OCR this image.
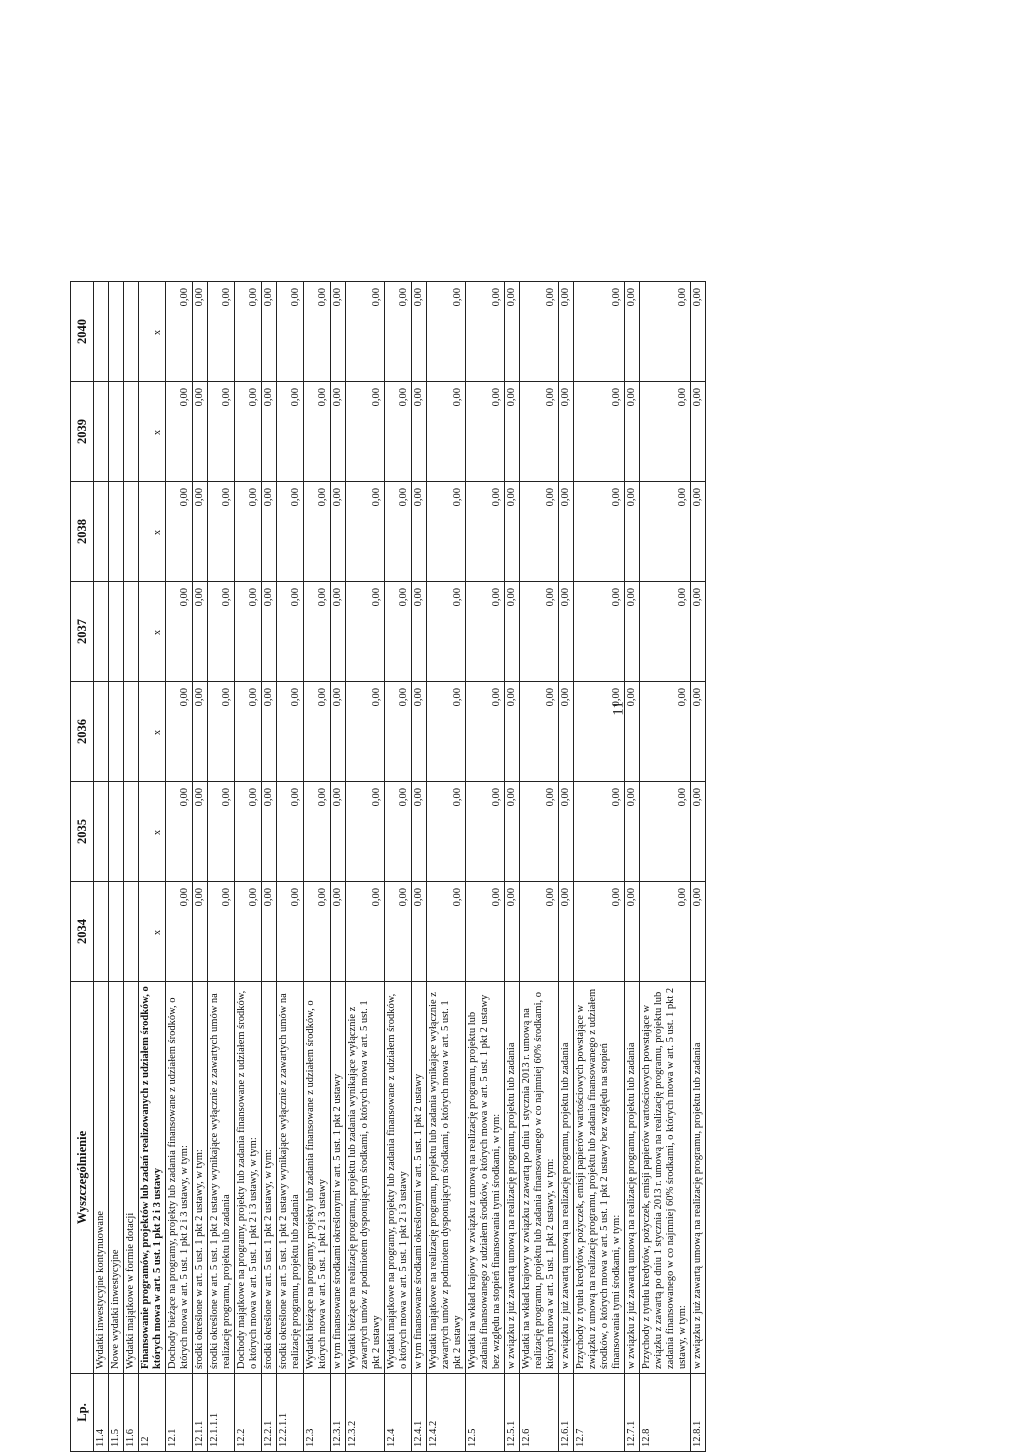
11
Lp.	Wyszczególnienie	2034	2035	2036	2037	2038	2039	2040
11.4	Wydatki inwestycyjne kontynuowane							
11.5	Nowe wydatki inwestycyjne							
11.6	Wydatki majątkowe w formie dotacji							
12	Finansowanie programów, projektów lub zadań realizowanych z udziałem środków, o których mowa w art. 5 ust. 1 pkt 2 i 3 ustawy	x	x	x	x	x	x	x
12.1	Dochody bieżące na programy, projekty lub zadania finansowane z udziałem środków, o których mowa w art. 5 ust. 1 pkt 2 i 3 ustawy, w tym:	0,00	0,00	0,00	0,00	0,00	0,00	0,00
12.1.1	środki określone w art. 5 ust. 1 pkt 2 ustawy, w tym:	0,00	0,00	0,00	0,00	0,00	0,00	0,00
12.1.1.1	środki określone w art. 5 ust. 1 pkt 2 ustawy wynikające wyłącznie z zawartych umów na realizację programu, projektu lub zadania	0,00	0,00	0,00	0,00	0,00	0,00	0,00
12.2	Dochody majątkowe na programy, projekty lub zadania finansowane z udziałem środków, o których mowa w art. 5 ust. 1 pkt 2 i 3 ustawy, w tym:	0,00	0,00	0,00	0,00	0,00	0,00	0,00
12.2.1	środki określone w art. 5 ust. 1 pkt 2 ustawy, w tym:	0,00	0,00	0,00	0,00	0,00	0,00	0,00
12.2.1.1	środki określone w art. 5 ust. 1 pkt 2 ustawy wynikające wyłącznie z zawartych umów na realizację programu, projektu lub zadania	0,00	0,00	0,00	0,00	0,00	0,00	0,00
12.3	Wydatki bieżące na programy, projekty lub zadania finansowane z udziałem środków, o których mowa w art. 5 ust. 1 pkt 2 i 3 ustawy	0,00	0,00	0,00	0,00	0,00	0,00	0,00
12.3.1	w tym finansowane środkami określonymi w art. 5 ust. 1 pkt 2 ustawy	0,00	0,00	0,00	0,00	0,00	0,00	0,00
12.3.2	Wydatki bieżące na realizację programu, projektu lub zadania wynikające wyłącznie z zawartych umów z podmiotem dysponującym środkami, o których mowa w art. 5 ust. 1 pkt 2 ustawy	0,00	0,00	0,00	0,00	0,00	0,00	0,00
12.4	Wydatki majątkowe na programy, projekty lub zadania finansowane z udziałem środków, o których mowa w art. 5 ust. 1 pkt 2 i 3 ustawy	0,00	0,00	0,00	0,00	0,00	0,00	0,00
12.4.1	w tym finansowane środkami określonymi w art. 5 ust. 1 pkt 2 ustawy	0,00	0,00	0,00	0,00	0,00	0,00	0,00
12.4.2	Wydatki majątkowe na realizację programu, projektu lub zadania wynikające wyłącznie z zawartych umów z podmiotem dysponującym środkami, o których mowa w art. 5 ust. 1 pkt 2 ustawy	0,00	0,00	0,00	0,00	0,00	0,00	0,00
12.5	Wydatki na wkład krajowy w związku z umową na realizację programu, projektu lub zadania finansowanego z udziałem środków, o których mowa w art. 5 ust. 1 pkt 2 ustawy bez względu na stopień finansowania tymi środkami, w tym:	0,00	0,00	0,00	0,00	0,00	0,00	0,00
12.5.1	w związku z już zawartą umową na realizację programu, projektu lub zadania	0,00	0,00	0,00	0,00	0,00	0,00	0,00
12.6	Wydatki na wkład krajowy w związku z zawartą po dniu 1 stycznia 2013 r. umową na realizację programu, projektu lub zadania finansowanego w co najmniej 60% środkami, o których mowa w art. 5 ust. 1 pkt 2 ustawy, w tym:	0,00	0,00	0,00	0,00	0,00	0,00	0,00
12.6.1	w związku z już zawartą umową na realizację programu, projektu lub zadania	0,00	0,00	0,00	0,00	0,00	0,00	0,00
12.7	Przychody z tytułu kredytów, pożyczek, emisji papierów wartościowych powstające w związku z umową na realizację programu, projektu lub zadania finansowanego z udziałem środków, o których mowa w art. 5 ust. 1 pkt 2 ustawy bez względu na stopień finansowania tymi środkami, w tym:	0,00	0,00	0,00	0,00	0,00	0,00	0,00
12.7.1	w związku z już zawartą umową na realizację programu, projektu lub zadania	0,00	0,00	0,00	0,00	0,00	0,00	0,00
12.8	Przychody z tytułu kredytów, pożyczek, emisji papierów wartościowych powstające w związku z zawartą po dniu 1 stycznia 2013 r. umową na realizację programu, projektu lub zadania finansowanego w co najmniej 60% środkami, o których mowa w art. 5 ust. 1 pkt 2 ustawy, w tym:	0,00	0,00	0,00	0,00	0,00	0,00	0,00
12.8.1	w związku z już zawartą umową na realizację programu, projektu lub zadania	0,00	0,00	0,00	0,00	0,00	0,00	0,00
